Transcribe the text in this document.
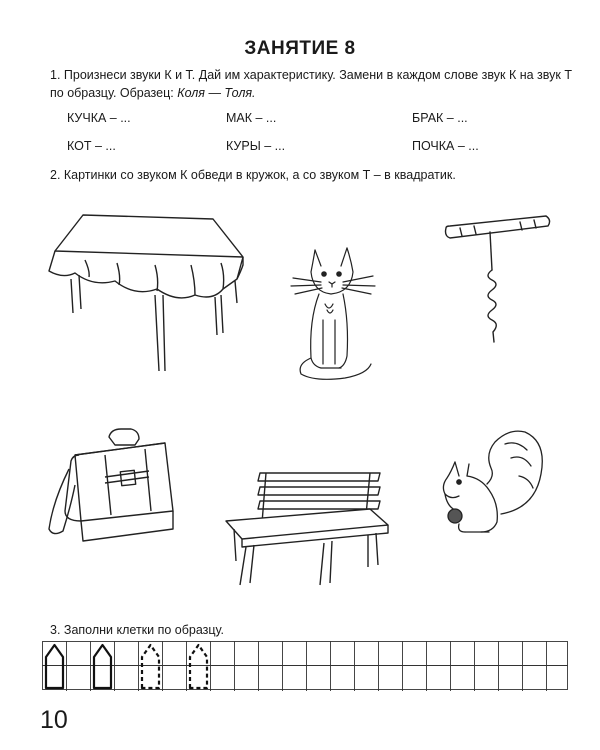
ЗАНЯТИЕ 8
1. Произнеси звуки К и Т. Дай им характеристику. Замени в каждом слове звук К на звук Т
по образцу. Образец: Коля — Толя.
КУЧКА – ...	МАК – ...	БРАК – ...
КОТ – ...	КУРЫ – ...	ПОЧКА – ...
2. Картинки со звуком К обведи в кружок, а со звуком Т – в квадратик.
3. Заполни клетки по образцу.
10
